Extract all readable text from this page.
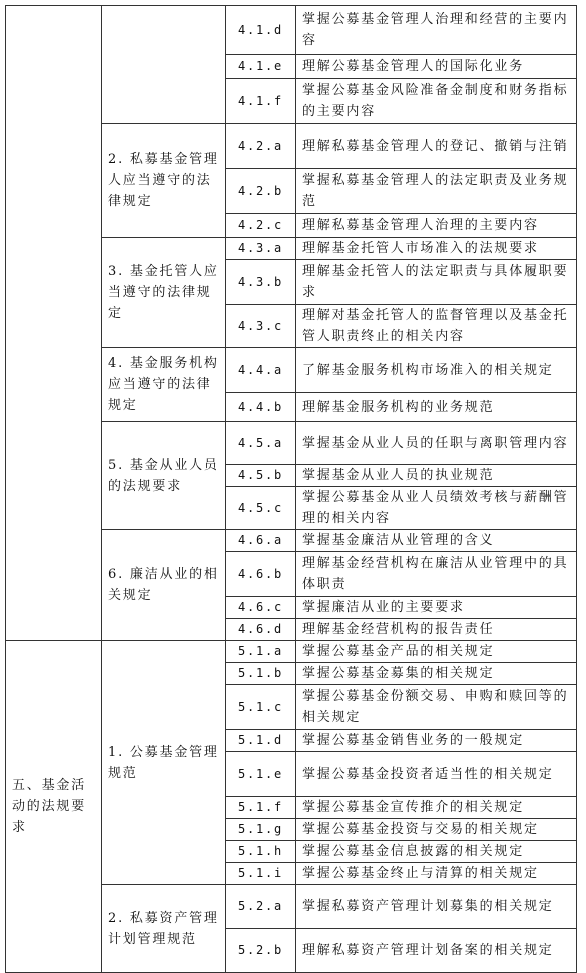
		4.1.d	掌握公募基金管理人治理和经营的主要内容
		4.1.e	理解公募基金管理人的国际化业务
		4.1.f	掌握公募基金风险准备金制度和财务指标的主要内容
	2. 私募基金管理人应当遵守的法律规定	4.2.a	理解私募基金管理人的登记、撤销与注销
		4.2.b	掌握私募基金管理人的法定职责及业务规范
		4.2.c	理解私募基金管理人治理的主要内容
	3. 基金托管人应当遵守的法律规定	4.3.a	理解基金托管人市场准入的法规要求
		4.3.b	理解基金托管人的法定职责与具体履职要求
		4.3.c	理解对基金托管人的监督管理以及基金托管人职责终止的相关内容
	4. 基金服务机构应当遵守的法律规定	4.4.a	了解基金服务机构市场准入的相关规定
		4.4.b	理解基金服务机构的业务规范
	5. 基金从业人员的法规要求	4.5.a	掌握基金从业人员的任职与离职管理内容
		4.5.b	掌握基金从业人员的执业规范
		4.5.c	掌握公募基金从业人员绩效考核与薪酬管理的相关内容
	6. 廉洁从业的相关规定	4.6.a	掌握基金廉洁从业管理的含义
		4.6.b	理解基金经营机构在廉洁从业管理中的具体职责
		4.6.c	掌握廉洁从业的主要要求
		4.6.d	理解基金经营机构的报告责任
五、基金活动的法规要求	1. 公募基金管理规范	5.1.a	掌握公募基金产品的相关规定
		5.1.b	掌握公募基金募集的相关规定
		5.1.c	掌握公募基金份额交易、申购和赎回等的相关规定
		5.1.d	掌握公募基金销售业务的一般规定
		5.1.e	掌握公募基金投资者适当性的相关规定
		5.1.f	掌握公募基金宣传推介的相关规定
		5.1.g	掌握公募基金投资与交易的相关规定
		5.1.h	掌握公募基金信息披露的相关规定
		5.1.i	掌握公募基金终止与清算的相关规定
	2. 私募资产管理计划管理规范	5.2.a	掌握私募资产管理计划募集的相关规定
		5.2.b	理解私募资产管理计划备案的相关规定
